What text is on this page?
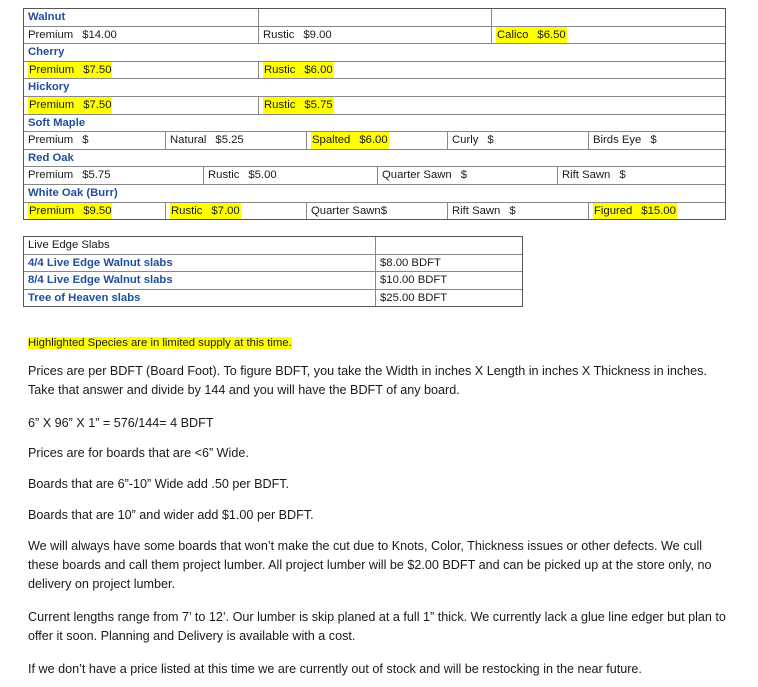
Walnut
Premium $14.00	Rustic $9.00	Calico $6.50
Cherry
Premium $7.50	Rustic $6.00
Hickory
Premium $7.50	Rustic $5.75
Soft Maple
Premium $	Natural $5.25	Spalted $6.00	Curly $	Birds Eye $
Red Oak
Premium $5.75	Rustic $5.00	Quarter Sawn $	Rift Sawn $
White Oak (Burr)
Premium $9.50	Rustic $7.00	Quarter Sawn$	Rift Sawn $	Figured $15.00
Live Edge Slabs
4/4 Live Edge Walnut slabs	$8.00 BDFT
8/4 Live Edge Walnut slabs	$10.00 BDFT
Tree of Heaven slabs	$25.00 BDFT
Highlighted Species are in limited supply at this time.
Prices are per BDFT (Board Foot). To figure BDFT, you take the Width in inches X Length in inches X Thickness in inches. Take that answer and divide by 144 and you will have the BDFT of any board.
6” X 96” X 1” = 576/144= 4 BDFT
Prices are for boards that are <6” Wide.
Boards that are 6”-10” Wide add .50 per BDFT.
Boards that are 10” and wider add $1.00 per BDFT.
We will always have some boards that won’t make the cut due to Knots, Color, Thickness issues or other defects. We cull these boards and call them project lumber. All project lumber will be $2.00 BDFT and can be picked up at the store only, no delivery on project lumber.
Current lengths range from 7’ to 12’. Our lumber is skip planed at a full 1” thick. We currently lack a glue line edger but plan to offer it soon. Planning and Delivery is available with a cost.
If we don’t have a price listed at this time we are currently out of stock and will be restocking in the near future.
